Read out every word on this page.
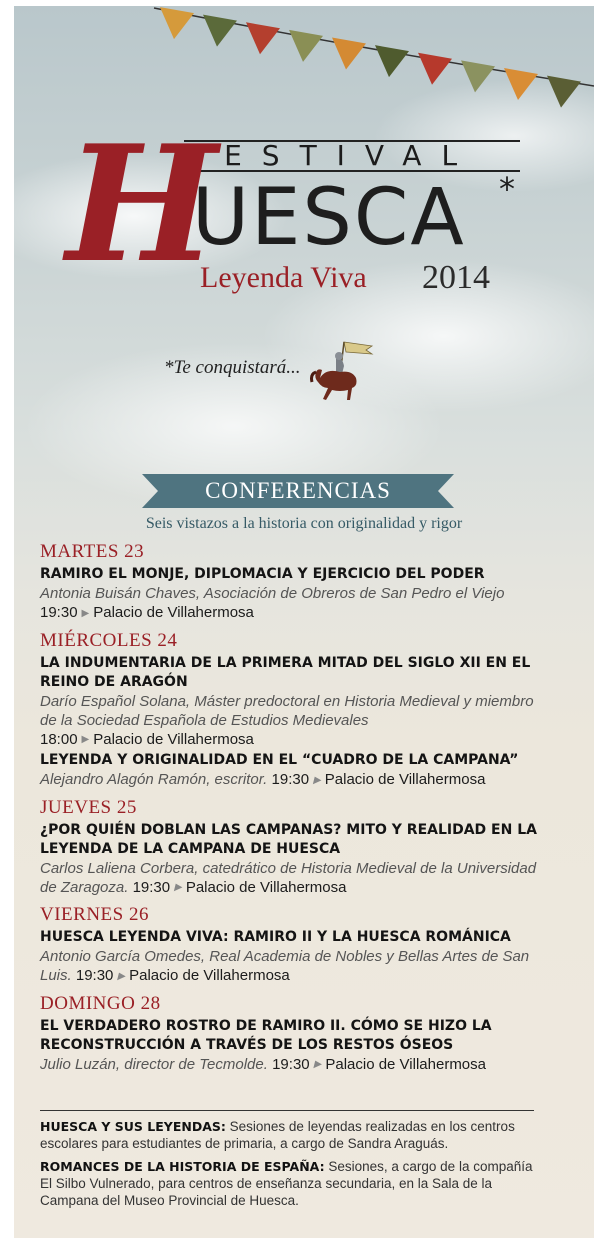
FESTIVAL
H
UESCA *
Leyenda Viva 2014
*Te conquistará...
CONFERENCIAS
Seis vistazos a la historia con originalidad y rigor
MARTES 23
RAMIRO EL MONJE, DIPLOMACIA Y EJERCICIO DEL PODER
Antonia Buisán Chaves, Asociación de Obreros de San Pedro el Viejo
19:30 ▶ Palacio de Villahermosa
MIÉRCOLES 24
LA INDUMENTARIA DE LA PRIMERA MITAD DEL SIGLO XII EN EL REINO DE ARAGÓN
Darío Español Solana, Máster predoctoral en Historia Medieval y miembro de la Sociedad Española de Estudios Medievales
18:00 ▶ Palacio de Villahermosa
LEYENDA Y ORIGINALIDAD EN EL “CUADRO DE LA CAMPANA”
Alejandro Alagón Ramón, escritor. 19:30 ▶ Palacio de Villahermosa
JUEVES 25
¿POR QUIÉN DOBLAN LAS CAMPANAS? MITO Y REALIDAD EN LA LEYENDA DE LA CAMPANA DE HUESCA
Carlos Laliena Corbera, catedrático de Historia Medieval de la Universidad de Zaragoza. 19:30 ▶ Palacio de Villahermosa
VIERNES 26
HUESCA LEYENDA VIVA: RAMIRO II Y LA HUESCA ROMÁNICA
Antonio García Omedes, Real Academia de Nobles y Bellas Artes de San Luis. 19:30 ▶ Palacio de Villahermosa
DOMINGO 28
EL VERDADERO ROSTRO DE RAMIRO II. CÓMO SE HIZO LA RECONSTRUCCIÓN A TRAVÉS DE LOS RESTOS ÓSEOS
Julio Luzán, director de Tecmolde. 19:30 ▶ Palacio de Villahermosa

HUESCA Y SUS LEYENDAS: Sesiones de leyendas realizadas en los centros escolares para estudiantes de primaria, a cargo de Sandra Araguás.

ROMANCES DE LA HISTORIA DE ESPAÑA: Sesiones, a cargo de la compañía El Silbo Vulnerado, para centros de enseñanza secundaria, en la Sala de la Campana del Museo Provincial de Huesca.
